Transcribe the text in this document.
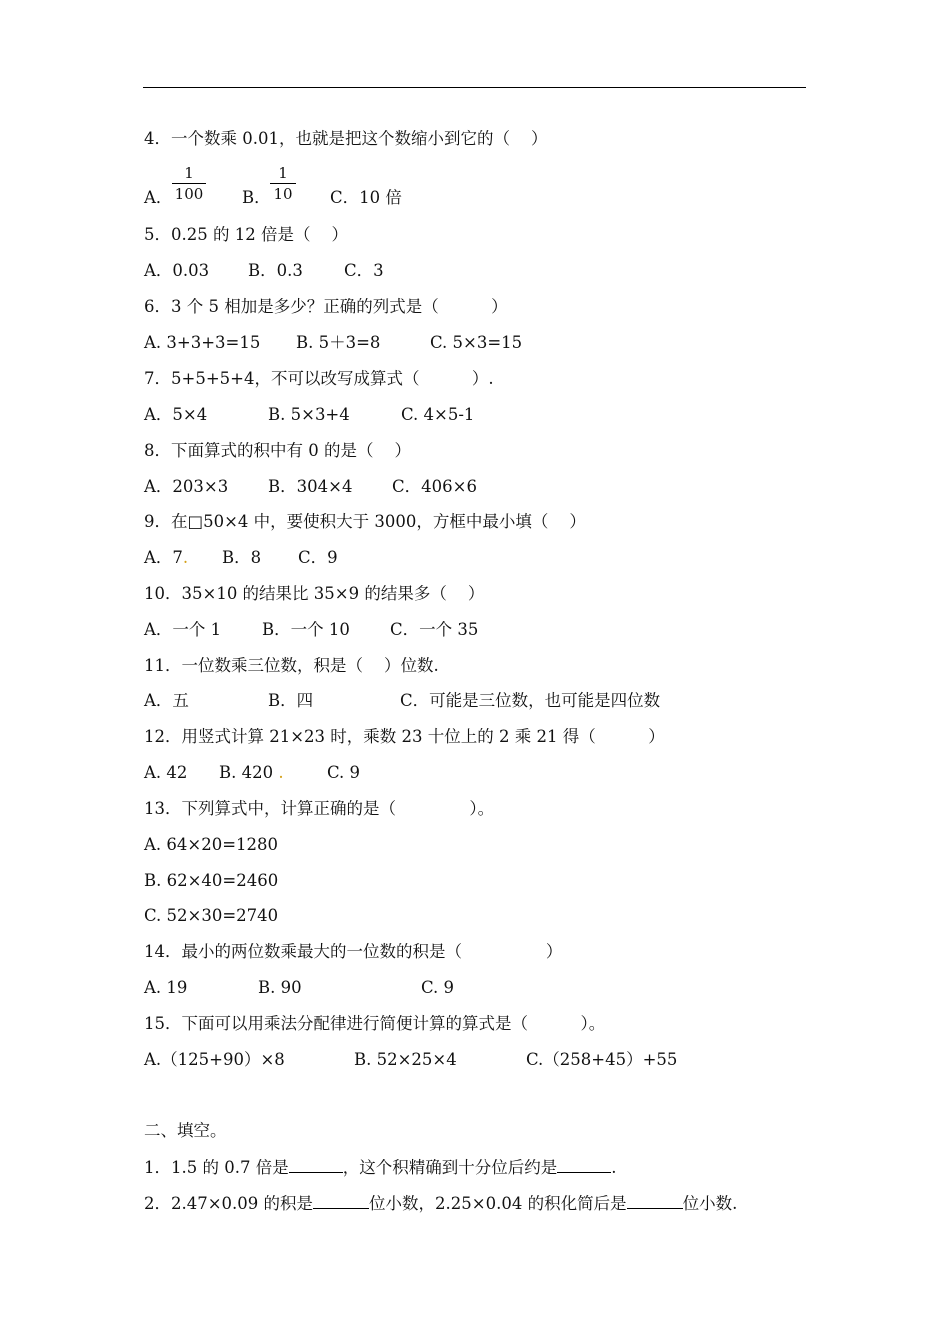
4．一个数乘 0.01，也就是把这个数缩小到它的（    ）
A．
1
100 B．
1
10 C．10 倍
5．0.25 的 12 倍是（    ）
A．0.03 B．0.3 C．3
6．3 个 5 相加是多少？正确的列式是（          ）
A. 3+3+3=15 B. 5＋3=8	C. 5×3=15
7．5+5+5+4，不可以改写成算式（          ）.
A．5×4	B. 5×3+4	C. 4×5-1
8．下面算式的积中有 0 的是（    ）
A．203×3 B．304×4 C．406×6
9．在□50×4 中，要使积大于 3000，方框中最小填（    ）
A．7. B．8 C．9
10．35×10 的结果比 35×9 的结果多（    ）
A．一个 1 B．一个 10 C．一个 35
11．一位数乘三位数，积是（    ）位数.
A．五	B．四	C．可能是三位数，也可能是四位数
12．用竖式计算 21×23 时，乘数 23 十位上的 2 乘 21 得（          ）
A. 42 B. 420 .	C. 9
13．下列算式中，计算正确的是（              ）。
A. 64×20=1280
B. 62×40=2460
C. 52×30=2740
14．最小的两位数乘最大的一位数的积是（                ）
A. 19	B. 90	C. 9
15．下面可以用乘法分配律进行简便计算的算式是（          ）。
A.（125+90）×8	B. 52×25×4	C.（258+45）+55
二、填空。
1．1.5 的 0.7 倍是	，这个积精确到十分位后约是	.
2．2.47×0.09 的积是	位小数，2.25×0.04 的积化简后是	位小数.
